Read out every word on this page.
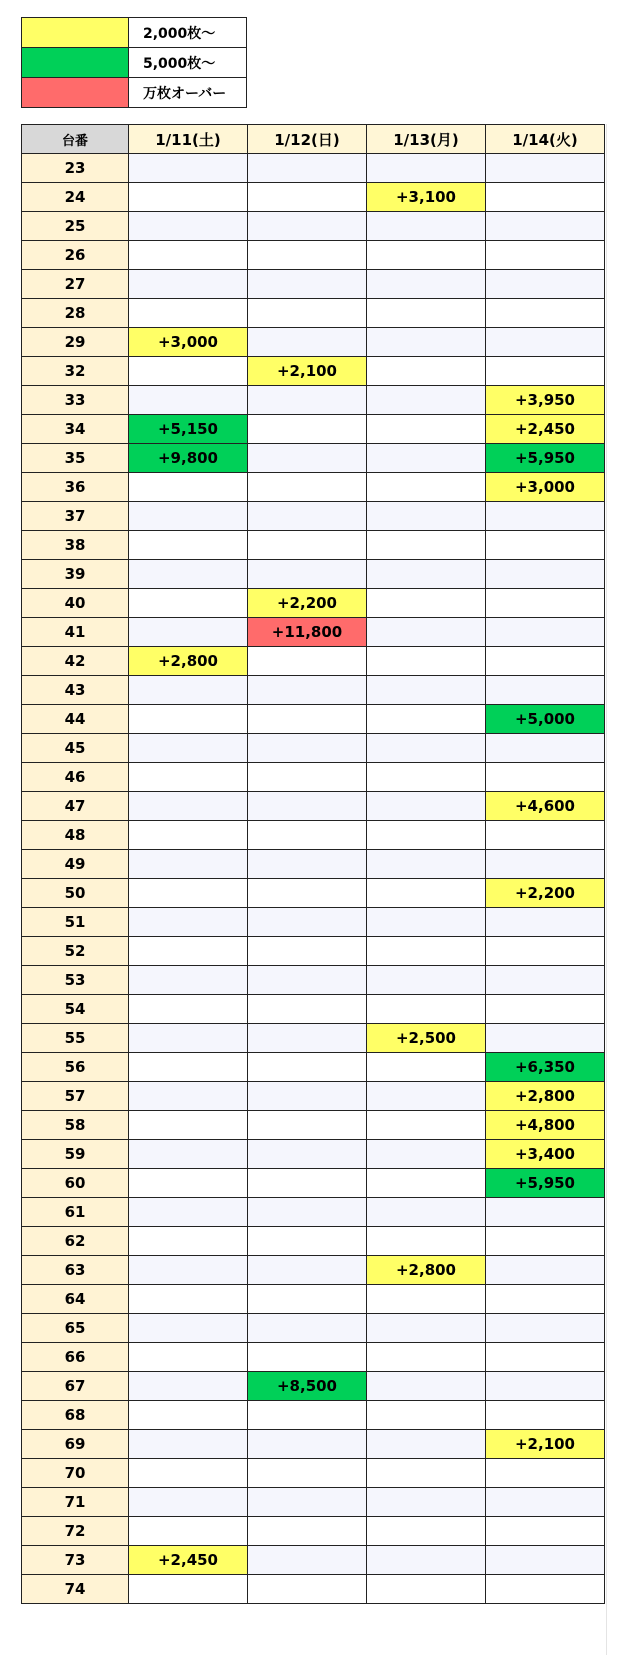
	2,000枚～
	5,000枚～
	万枚オーバー
台番	1/11(土)	1/12(日)	1/13(月)	1/14(火)
23				
24			+3,100	
25				
26				
27				
28				
29	+3,000			
32		+2,100		
33				+3,950
34	+5,150			+2,450
35	+9,800			+5,950
36				+3,000
37				
38				
39				
40		+2,200		
41		+11,800		
42	+2,800			
43				
44				+5,000
45				
46				
47				+4,600
48				
49				
50				+2,200
51				
52				
53				
54				
55			+2,500	
56				+6,350
57				+2,800
58				+4,800
59				+3,400
60				+5,950
61				
62				
63			+2,800	
64				
65				
66				
67		+8,500		
68				
69				+2,100
70				
71				
72				
73	+2,450			
74				
